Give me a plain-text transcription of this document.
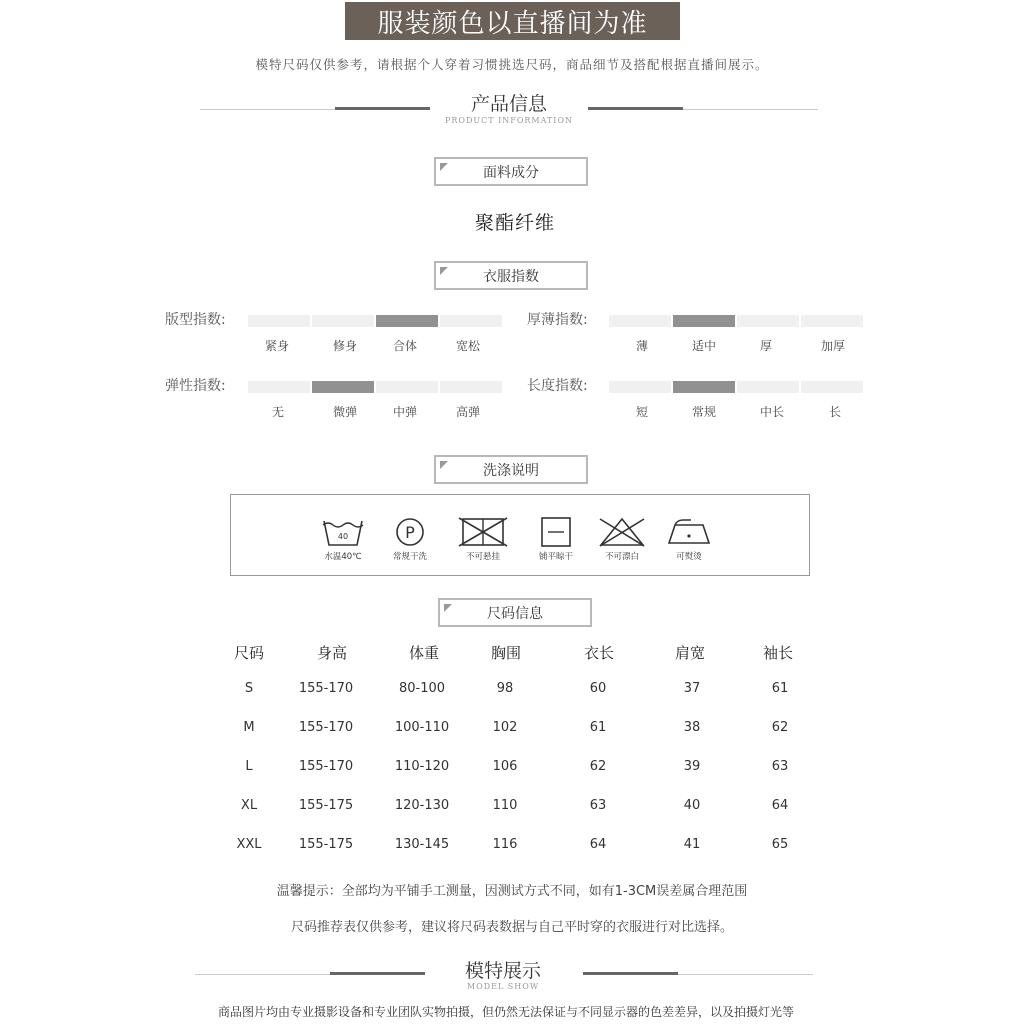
服装颜色以直播间为准
模特尺码仅供参考，请根据个人穿着习惯挑选尺码，商品细节及搭配根据直播间展示。
产品信息
PRODUCT INFORMATION
面料成分
聚酯纤维
衣服指数
版型指数:
紧身	修身	合体	宽松
厚薄指数:
薄	适中	厚	加厚
弹性指数:
无	微弹	中弹	高弹
长度指数:
短	常规	中长	长
洗涤说明
40
水温40℃
P
常规干洗	不可悬挂	铺平晾干	不可漂白	可熨烫
尺码信息
尺码	身高	体重	胸围	衣长	肩宽	袖长
S	155-170	80-100	98	60	37	61
M	155-170	100-110	102	61	38	62
L	155-170	110-120	106	62	39	63
XL	155-175	120-130	110	63	40	64
XXL	155-175	130-145	116	64	41	65
温馨提示：全部均为平铺手工测量，因测试方式不同，如有1-3CM误差属合理范围
尺码推荐表仅供参考，建议将尺码表数据与自己平时穿的衣服进行对比选择。
模特展示
MODEL SHOW
商品图片均由专业摄影设备和专业团队实物拍摄，但仍然无法保证与不同显示器的色差差异，以及拍摄灯光等
